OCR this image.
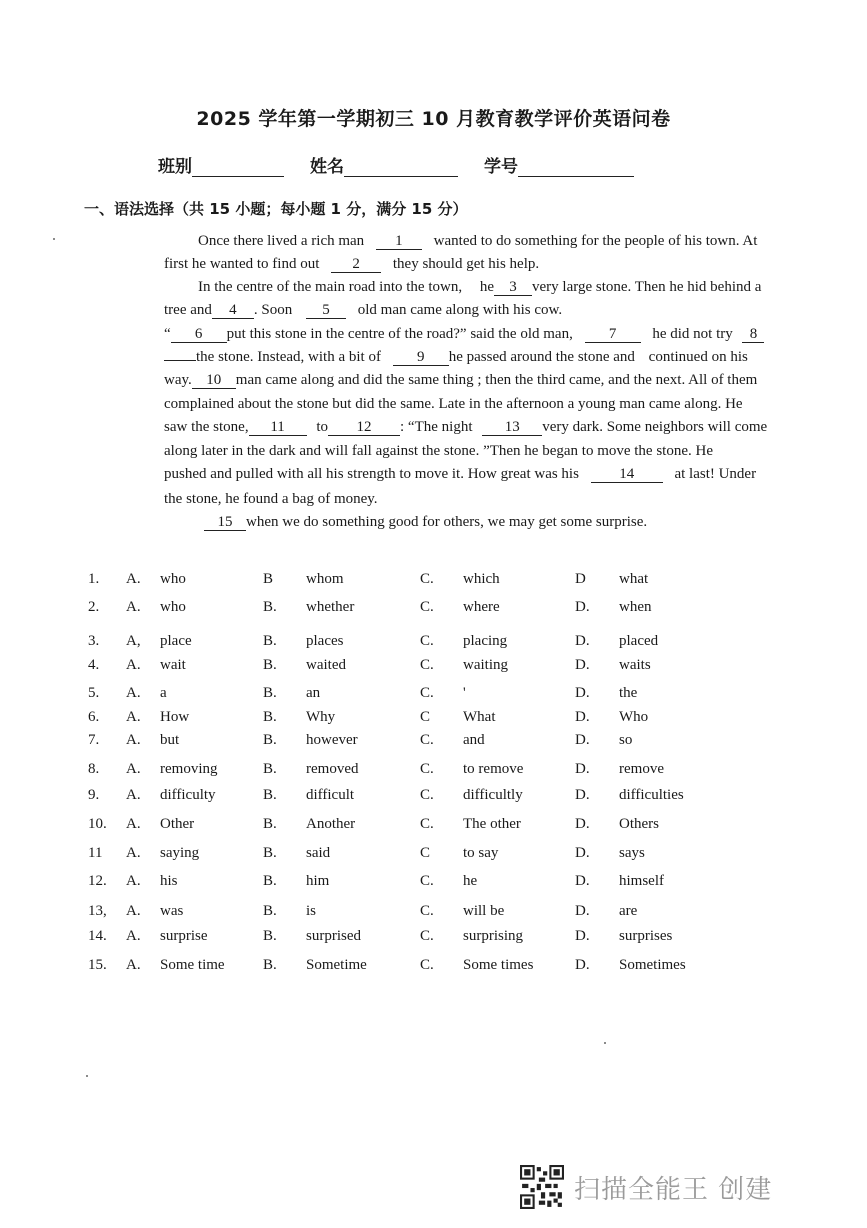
2025 学年第一学期初三 10 月教育教学评价英语问卷
班别	姓名	学号
一、语法选择（共 15 小题；每小题 1 分，满分 15 分）
Once there lived a rich man 1 wanted to do something for the people of his town. At
first he wanted to find out 2 they should get his help.
In the centre of the main road into the town, he 3 very large stone. Then he hid behind a
tree and 4 . Soon 5 old man came along with his cow.
“ 6 put this stone in the centre of the road?” said the old man, 7 he did not try 8
the stone. Instead, with a bit of 9 he passed around the stone and continued on his
way. 10 man came along and did the same thing ; then the third came, and the next. All of them
complained about the stone but did the same. Late in the afternoon a young man came along. He
saw the stone, 11 to 12 : “The night 13 very dark. Some neighbors will come
along later in the dark and will fall against the stone. ”Then he began to move the stone. He
pushed and pulled with all his strength to move it. How great was his	14	at last! Under
the stone, he found a bag of money.
15 when we do something good for others, we may get some surprise.
1. A. who	B whom	C. which	D what
2. A. who	B. whether	C. where	D. when
3. A, place	B. places	C. placing	D. placed
4. A. wait	B. waited	C. waiting	D. waits
5. A. a	B. an	C. '	D. the
6. A. How	B. Why	C What	D. Who
7. A. but	B. however	C. and	D. so
8. A. removing	B. removed	C. to remove	D. remove
9. A. difficulty	B. difficult	C. difficultly	D. difficulties
10. A. Other	B. Another	C. The other	D. Others
11 A. saying	B. said	C to say	D. says
12. A. his	B. him	C. he	D. himself
13, A. was	B. is	C. will be	D. are
14. A. surprise	B. surprised	C. surprising	D. surprises
15. A. Some time	B. Sometime	C. Some times	D. Sometimes
扫描全能王 创建
